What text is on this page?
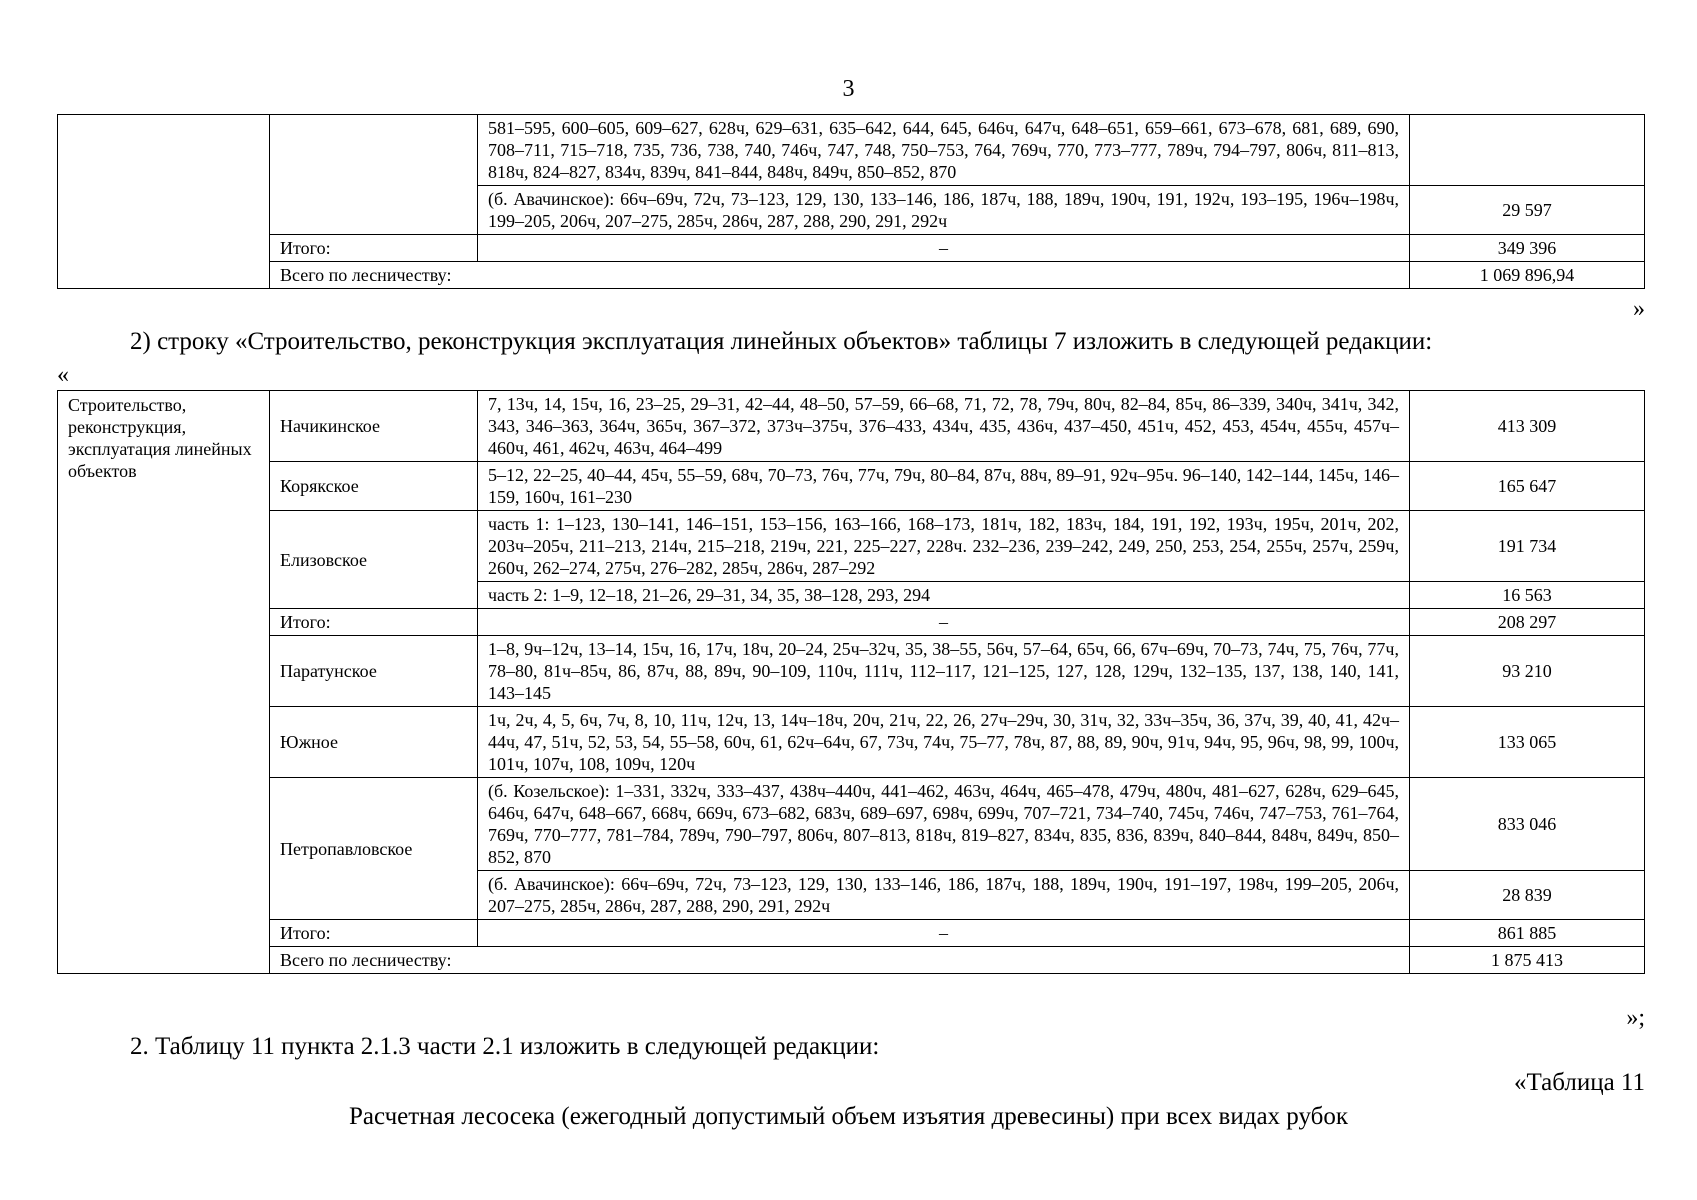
3
		581–595, 600–605, 609–627, 628ч, 629–631, 635–642, 644, 645, 646ч, 647ч, 648–651, 659–661, 673–678, 681, 689, 690, 708–711, 715–718, 735, 736, 738, 740, 746ч, 747, 748, 750–753, 764, 769ч, 770, 773–777, 789ч, 794–797, 806ч, 811–813, 818ч, 824–827, 834ч, 839ч, 841–844, 848ч, 849ч, 850–852, 870	
		(б. Авачинское): 66ч–69ч, 72ч, 73–123, 129, 130, 133–146, 186, 187ч, 188, 189ч, 190ч, 191, 192ч, 193–195, 196ч–198ч, 199–205, 206ч, 207–275, 285ч, 286ч, 287, 288, 290, 291, 292ч	29 597
	Итого:	–	349 396
	Всего по лесничеству:		1 069 896,94
»
2) строку «Строительство, реконструкция эксплуатация линейных объектов» таблицы 7 изложить в следующей редакции:
«
Строительство, реконструкция, эксплуатация линейных объектов	Начикинское	7, 13ч, 14, 15ч, 16, 23–25, 29–31, 42–44, 48–50, 57–59, 66–68, 71, 72, 78, 79ч, 80ч, 82–84, 85ч, 86–339, 340ч, 341ч, 342, 343, 346–363, 364ч, 365ч, 367–372, 373ч–375ч, 376–433, 434ч, 435, 436ч, 437–450, 451ч, 452, 453, 454ч, 455ч, 457ч–460ч, 461, 462ч, 463ч, 464–499	413 309
	Корякское	5–12, 22–25, 40–44, 45ч, 55–59, 68ч, 70–73, 76ч, 77ч, 79ч, 80–84, 87ч, 88ч, 89–91, 92ч–95ч. 96–140, 142–144, 145ч, 146–159, 160ч, 161–230	165 647
	Елизовское	часть 1: 1–123, 130–141, 146–151, 153–156, 163–166, 168–173, 181ч, 182, 183ч, 184, 191, 192, 193ч, 195ч, 201ч, 202, 203ч–205ч, 211–213, 214ч, 215–218, 219ч, 221, 225–227, 228ч. 232–236, 239–242, 249, 250, 253, 254, 255ч, 257ч, 259ч, 260ч, 262–274, 275ч, 276–282, 285ч, 286ч, 287–292	191 734
		часть 2: 1–9, 12–18, 21–26, 29–31, 34, 35, 38–128, 293, 294	16 563
	Итого:	–	208 297
	Паратунское	1–8, 9ч–12ч, 13–14, 15ч, 16, 17ч, 18ч, 20–24, 25ч–32ч, 35, 38–55, 56ч, 57–64, 65ч, 66, 67ч–69ч, 70–73, 74ч, 75, 76ч, 77ч, 78–80, 81ч–85ч, 86, 87ч, 88, 89ч, 90–109, 110ч, 111ч, 112–117, 121–125, 127, 128, 129ч, 132–135, 137, 138, 140, 141, 143–145	93 210
	Южное	1ч, 2ч, 4, 5, 6ч, 7ч, 8, 10, 11ч, 12ч, 13, 14ч–18ч, 20ч, 21ч, 22, 26, 27ч–29ч, 30, 31ч, 32, 33ч–35ч, 36, 37ч, 39, 40, 41, 42ч–44ч, 47, 51ч, 52, 53, 54, 55–58, 60ч, 61, 62ч–64ч, 67, 73ч, 74ч, 75–77, 78ч, 87, 88, 89, 90ч, 91ч, 94ч, 95, 96ч, 98, 99, 100ч, 101ч, 107ч, 108, 109ч, 120ч	133 065
	Петропавловское	(б. Козельское): 1–331, 332ч, 333–437, 438ч–440ч, 441–462, 463ч, 464ч, 465–478, 479ч, 480ч, 481–627, 628ч, 629–645, 646ч, 647ч, 648–667, 668ч, 669ч, 673–682, 683ч, 689–697, 698ч, 699ч, 707–721, 734–740, 745ч, 746ч, 747–753, 761–764, 769ч, 770–777, 781–784, 789ч, 790–797, 806ч, 807–813, 818ч, 819–827, 834ч, 835, 836, 839ч, 840–844, 848ч, 849ч, 850–852, 870	833 046
		(б. Авачинское): 66ч–69ч, 72ч, 73–123, 129, 130, 133–146, 186, 187ч, 188, 189ч, 190ч, 191–197, 198ч, 199–205, 206ч, 207–275, 285ч, 286ч, 287, 288, 290, 291, 292ч	28 839
	Итого:	–	861 885
	Всего по лесничеству:		1 875 413
»;
2. Таблицу 11 пункта 2.1.3 части 2.1 изложить в следующей редакции:
«Таблица 11
Расчетная лесосека (ежегодный допустимый объем изъятия древесины) при всех видах рубок
